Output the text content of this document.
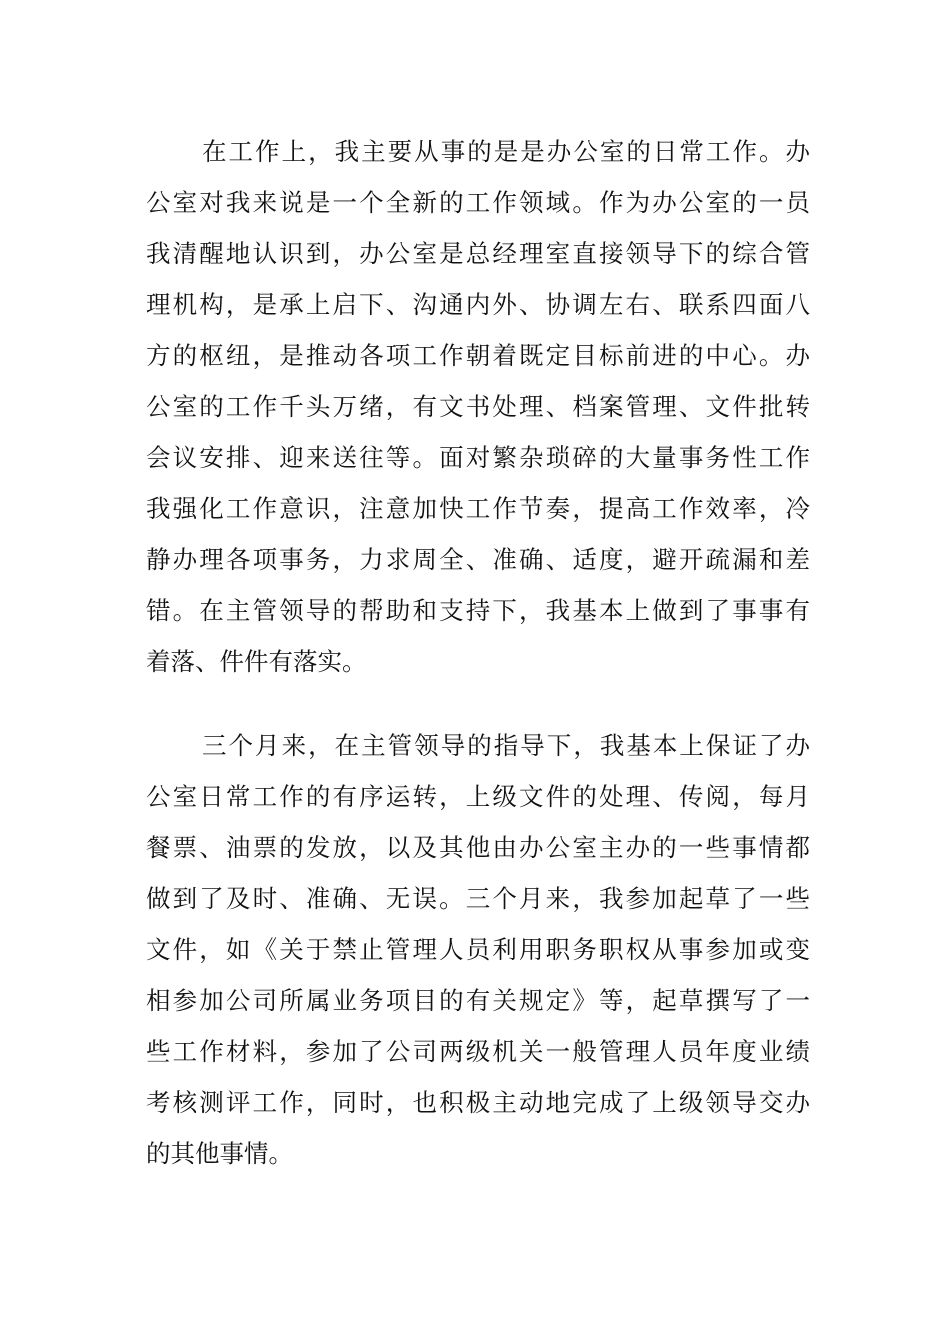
在工作上，我主要从事的是是办公室的日常工作。办
公室对我来说是一个全新的工作领域。作为办公室的一员
我清醒地认识到，办公室是总经理室直接领导下的综合管
理机构，是承上启下、沟通内外、协调左右、联系四面八
方的枢纽，是推动各项工作朝着既定目标前进的中心。办
公室的工作千头万绪，有文书处理、档案管理、文件批转
会议安排、迎来送往等。面对繁杂琐碎的大量事务性工作
我强化工作意识，注意加快工作节奏，提高工作效率，冷
静办理各项事务，力求周全、准确、适度，避开疏漏和差
错。在主管领导的帮助和支持下，我基本上做到了事事有
着落、件件有落实。

三个月来，在主管领导的指导下，我基本上保证了办
公室日常工作的有序运转，上级文件的处理、传阅，每月
餐票、油票的发放，以及其他由办公室主办的一些事情都
做到了及时、准确、无误。三个月来，我参加起草了一些
文件，如《关于禁止管理人员利用职务职权从事参加或变
相参加公司所属业务项目的有关规定》等，起草撰写了一
些工作材料，参加了公司两级机关一般管理人员年度业绩
考核测评工作，同时，也积极主动地完成了上级领导交办
的其他事情。
